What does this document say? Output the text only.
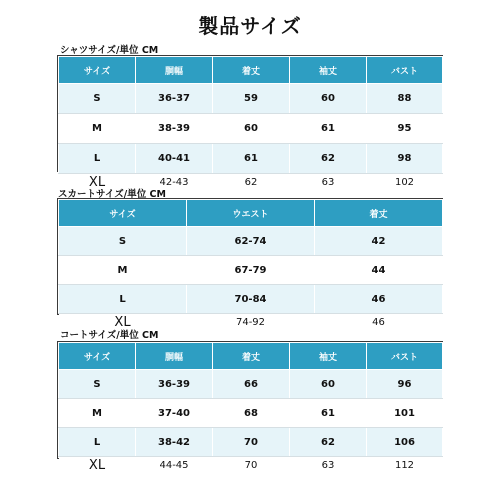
製品サイズ
シャツサイズ/単位 CM
サイズ	胴幅	着丈	袖丈	バスト
S	36-37	59	60	88
M	38-39	60	61	95
L	40-41	61	62	98
XL	42-43	62	63	102
スカートサイズ/単位 CM
サイズ	ウエスト	着丈
S	62-74	42
M	67-79	44
L	70-84	46
XL	74-92	46
コートサイズ/単位 CM
サイズ	胴幅	着丈	袖丈	バスト
S	36-39	66	60	96
M	37-40	68	61	101
L	38-42	70	62	106
XL	44-45	70	63	112
